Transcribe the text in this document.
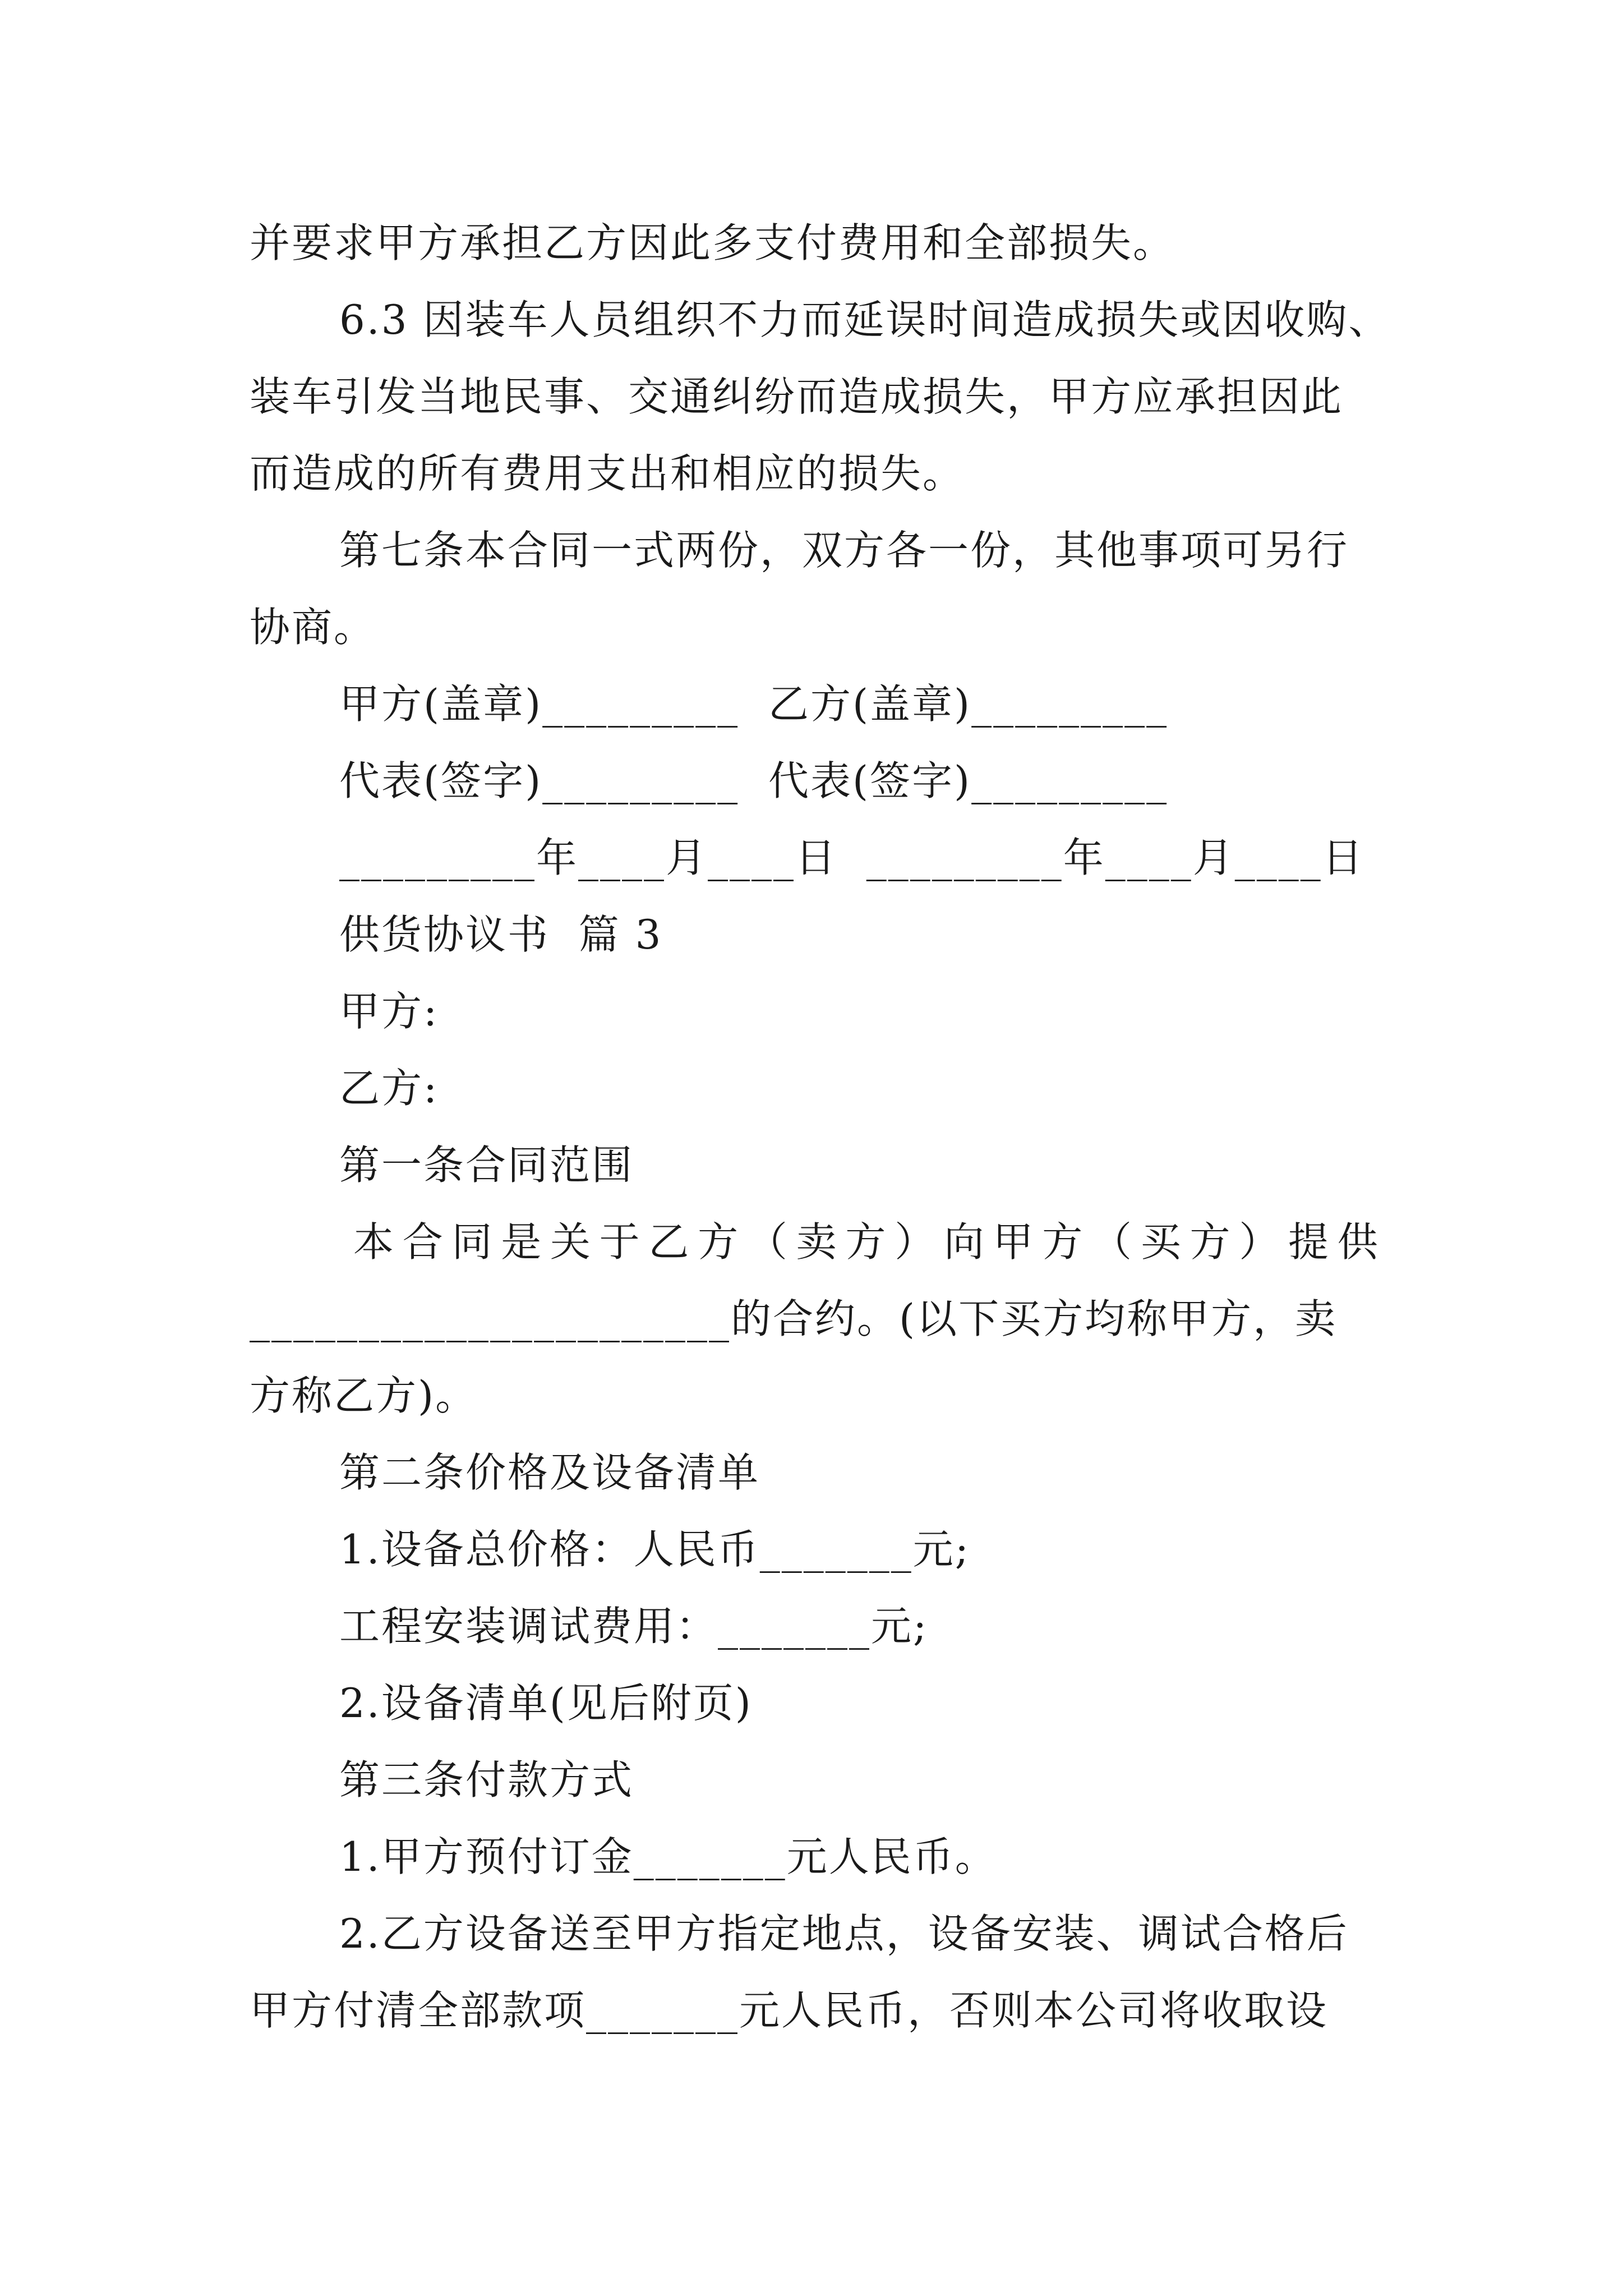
并要求甲方承担乙方因此多支付费用和全部损失。
6.3 因装车人员组织不力而延误时间造成损失或因收购、
装车引发当地民事、交通纠纷而造成损失，甲方应承担因此
而造成的所有费用支出和相应的损失。
第七条本合同一式两份，双方各一份，其他事项可另行
协商。
甲方(盖章)_________  乙方(盖章)_________
代表(签字)_________  代表(签字)_________
_________年____月____日  _________年____月____日
供货协议书  篇 3
甲方:
乙方:
第一条合同范围
本 合 同 是 关 于 乙 方 （ 卖 方 ） 向 甲 方 （ 买 方 ） 提 供
______________________的合约。(以下买方均称甲方，卖
方称乙方)。
第二条价格及设备清单
1.设备总价格：人民币_______元;
工程安装调试费用：_______元;
2.设备清单(见后附页)
第三条付款方式
1.甲方预付订金_______元人民币。
2.乙方设备送至甲方指定地点，设备安装、调试合格后
甲方付清全部款项_______元人民币，否则本公司将收取设
